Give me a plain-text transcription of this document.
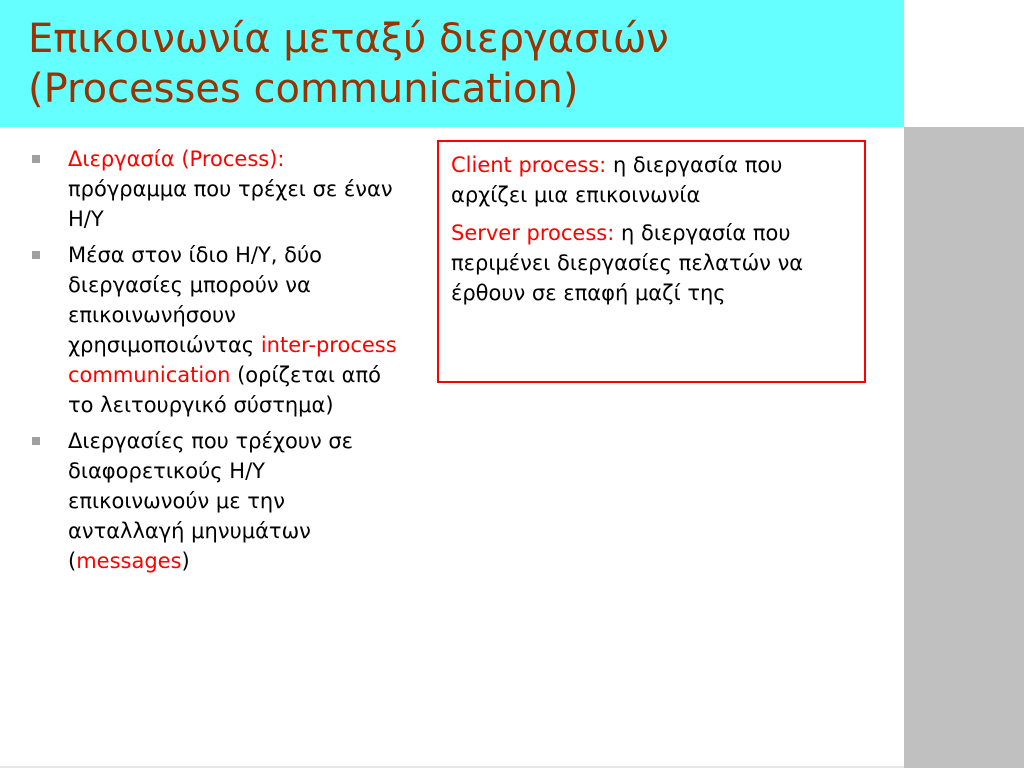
Επικοινωνία μεταξύ διεργασιών (Processes communication)
Διεργασία (Process): πρόγραμμα που τρέχει σε έναν Η/Υ
Μέσα στον ίδιο Η/Υ, δύο διεργασίες μπορούν να επικοινωνήσουν χρησιμοποιώντας inter-process communication (ορίζεται από το λειτουργικό σύστημα)
Διεργασίες που τρέχουν σε διαφορετικούς Η/Υ επικοινωνούν με την ανταλλαγή μηνυμάτων (messages)

Client process: η διεργασία που αρχίζει μια επικοινωνία

Server process: η διεργασία που περιμένει διεργασίες πελατών να έρθουν σε επαφή μαζί της
